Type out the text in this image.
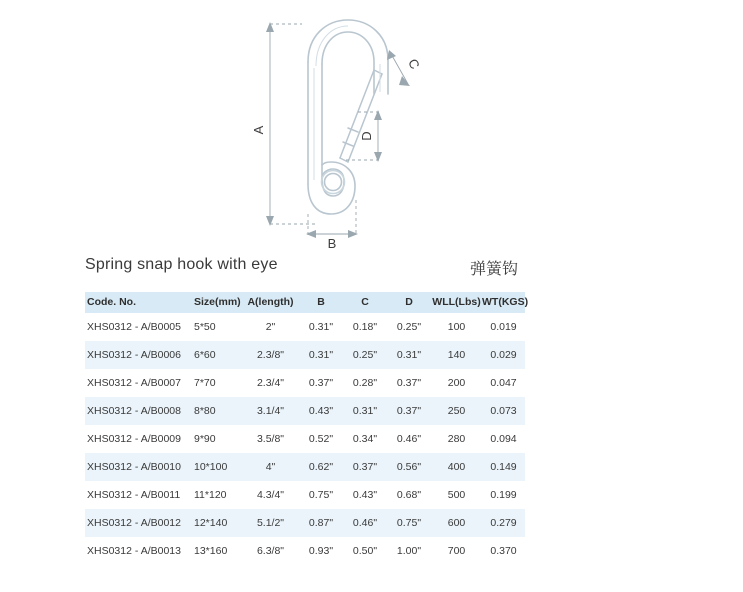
A
B
C
D
Spring snap hook with eye	弹簧钩
Code. No.	Size(mm)	A(length)	B	C	D	WLL(Lbs)	WT(KGS)
XHS0312 - A/B0005	5*50	2"	0.31"	0.18"	0.25"	100	0.019
XHS0312 - A/B0006	6*60	2.3/8"	0.31"	0.25"	0.31"	140	0.029
XHS0312 - A/B0007	7*70	2.3/4"	0.37"	0.28"	0.37"	200	0.047
XHS0312 - A/B0008	8*80	3.1/4"	0.43"	0.31"	0.37"	250	0.073
XHS0312 - A/B0009	9*90	3.5/8"	0.52"	0.34"	0.46"	280	0.094
XHS0312 - A/B0010	10*100	4"	0.62"	0.37"	0.56"	400	0.149
XHS0312 - A/B0011	11*120	4.3/4"	0.75"	0.43"	0.68"	500	0.199
XHS0312 - A/B0012	12*140	5.1/2"	0.87"	0.46"	0.75"	600	0.279
XHS0312 - A/B0013	13*160	6.3/8"	0.93"	0.50"	1.00"	700	0.370
